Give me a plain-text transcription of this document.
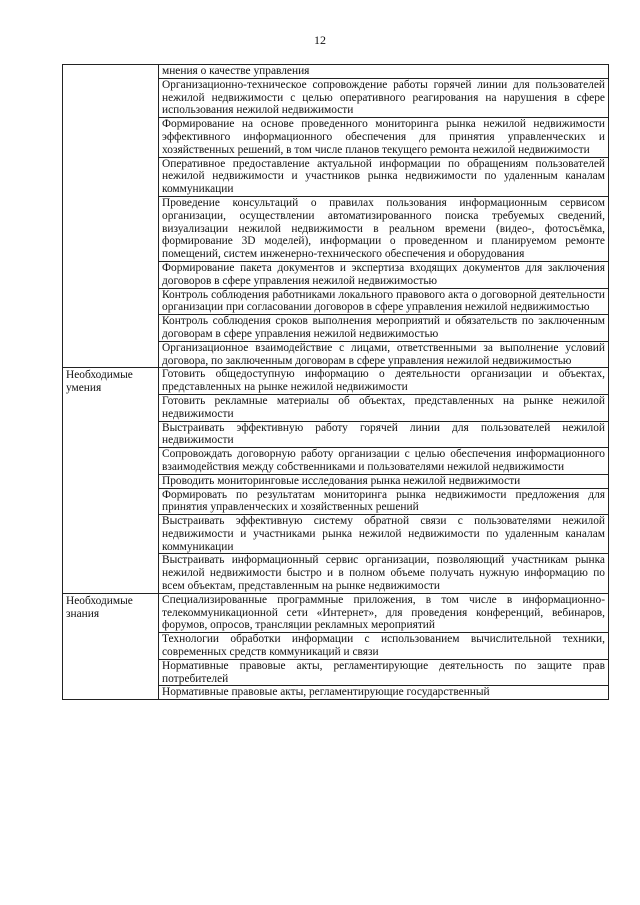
12
	мнения о качестве управления
	Организационно-техническое сопровождение работы горячей линии для пользователей нежилой недвижимости с целью оперативного реагирования на нарушения в сфере использования нежилой недвижимости
	Формирование на основе проведенного мониторинга рынка нежилой недвижимости эффективного информационного обеспечения для принятия управленческих и хозяйственных решений, в том числе планов текущего ремонта нежилой недвижимости
	Оперативное предоставление актуальной информации по обращениям пользователей нежилой недвижимости и участников рынка недвижимости по удаленным каналам коммуникации
	Проведение консультаций о правилах пользования информационным сервисом организации, осуществлении автоматизированного поиска требуемых сведений, визуализации нежилой недвижимости в реальном времени (видео-, фотосъёмка, формирование 3D моделей), информации о проведенном и планируемом ремонте помещений, систем инженерно-технического обеспечения и оборудования
	Формирование пакета документов и экспертиза входящих документов для заключения договоров в сфере управления нежилой недвижимостью
	Контроль соблюдения работниками локального правового акта о договорной деятельности организации при согласовании договоров в сфере управления нежилой недвижимостью
	Контроль соблюдения сроков выполнения мероприятий и обязательств по заключенным договорам в сфере управления нежилой недвижимостью
	Организационное взаимодействие с лицами, ответственными за выполнение условий договора, по заключенным договорам в сфере управления нежилой недвижимостью

Необходимые умения	Готовить общедоступную информацию о деятельности организации и объектах, представленных на рынке нежилой недвижимости
	Готовить рекламные материалы об объектах, представленных на рынке нежилой недвижимости
	Выстраивать эффективную работу горячей линии для пользователей нежилой недвижимости
	Сопровождать договорную работу организации с целью обеспечения информационного взаимодействия между собственниками и пользователями нежилой недвижимости
	Проводить мониторинговые исследования рынка нежилой недвижимости
	Формировать по результатам мониторинга рынка недвижимости предложения для принятия управленческих и хозяйственных решений
	Выстраивать эффективную систему обратной связи с пользователями нежилой недвижимости и участниками рынка нежилой недвижимости по удаленным каналам коммуникации
	Выстраивать информационный сервис организации, позволяющий участникам рынка нежилой недвижимости быстро и в полном объеме получать нужную информацию по всем объектам, представленным на рынке недвижимости

Необходимые знания	Специализированные программные приложения, в том числе в информационно-телекоммуникационной сети «Интернет», для проведения конференций, вебинаров, форумов, опросов, трансляции рекламных мероприятий
	Технологии обработки информации с использованием вычислительной техники, современных средств коммуникаций и связи
	Нормативные правовые акты, регламентирующие деятельность по защите прав потребителей
	Нормативные правовые акты, регламентирующие государственный
